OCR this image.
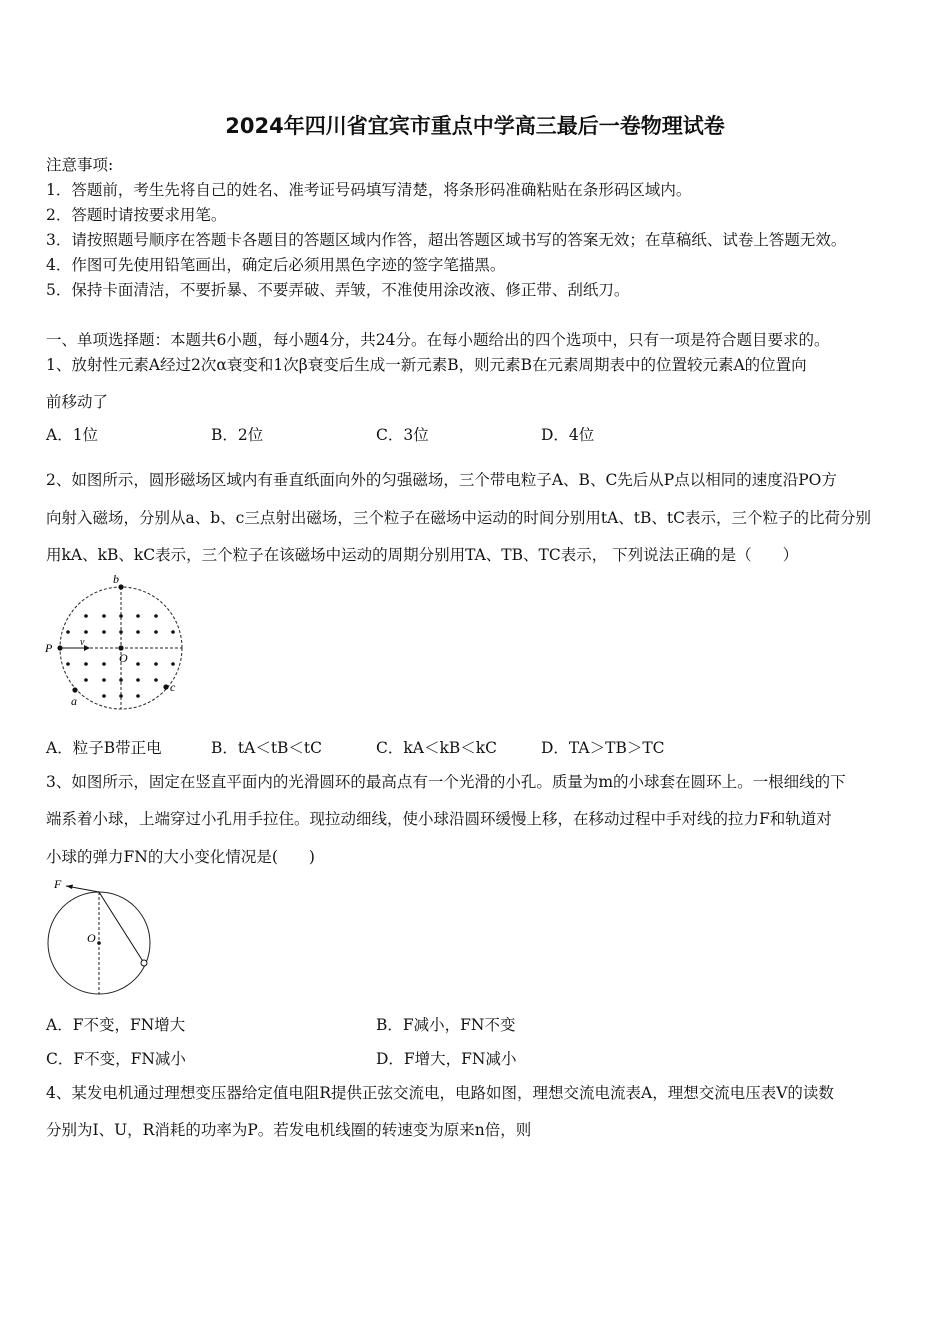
2024年四川省宜宾市重点中学高三最后一卷物理试卷
注意事项:
1．答题前，考生先将自己的姓名、准考证号码填写清楚，将条形码准确粘贴在条形码区域内。
2．答题时请按要求用笔。
3．请按照题号顺序在答题卡各题目的答题区域内作答，超出答题区域书写的答案无效；在草稿纸、试卷上答题无效。
4．作图可先使用铅笔画出，确定后必须用黑色字迹的签字笔描黑。
5．保持卡面清洁，不要折暴、不要弄破、弄皱，不准使用涂改液、修正带、刮纸刀。
一、单项选择题：本题共6小题，每小题4分，共24分。在每小题给出的四个选项中，只有一项是符合题目要求的。
1、放射性元素A经过2次α衰变和1次β衰变后生成一新元素B，则元素B在元素周期表中的位置较元素A的位置向
前移动了
A．1位	B．2位	C．3位	D．4位
2、如图所示，圆形磁场区域内有垂直纸面向外的匀强磁场，三个带电粒子A、B、C先后从P点以相同的速度沿PO方
向射入磁场，分别从a、b、c三点射出磁场，三个粒子在磁场中运动的时间分别用tA、tB、tC表示，三个粒子的比荷分别
用kA、kB、kC表示，三个粒子在该磁场中运动的周期分别用TA、TB、TC表示， 下列说法正确的是（　　）
b
P	v
O
a
c
A．粒子B带正电	B．tA＜tB＜tC	C．kA＜kB＜kC	D．TA＞TB＞TC
3、如图所示，固定在竖直平面内的光滑圆环的最高点有一个光滑的小孔。质量为m的小球套在圆环上。一根细线的下
端系着小球，上端穿过小孔用手拉住。现拉动细线，使小球沿圆环缓慢上移，在移动过程中手对线的拉力F和轨道对
小球的弹力FN的大小变化情况是(　　)
F
O
A．F不变，FN增大	B．F减小，FN不变
C．F不变，FN减小	D．F增大，FN减小
4、某发电机通过理想变压器给定值电阻R提供正弦交流电，电路如图，理想交流电流表A，理想交流电压表V的读数
分别为I、U，R消耗的功率为P。若发电机线圈的转速变为原来n倍，则
